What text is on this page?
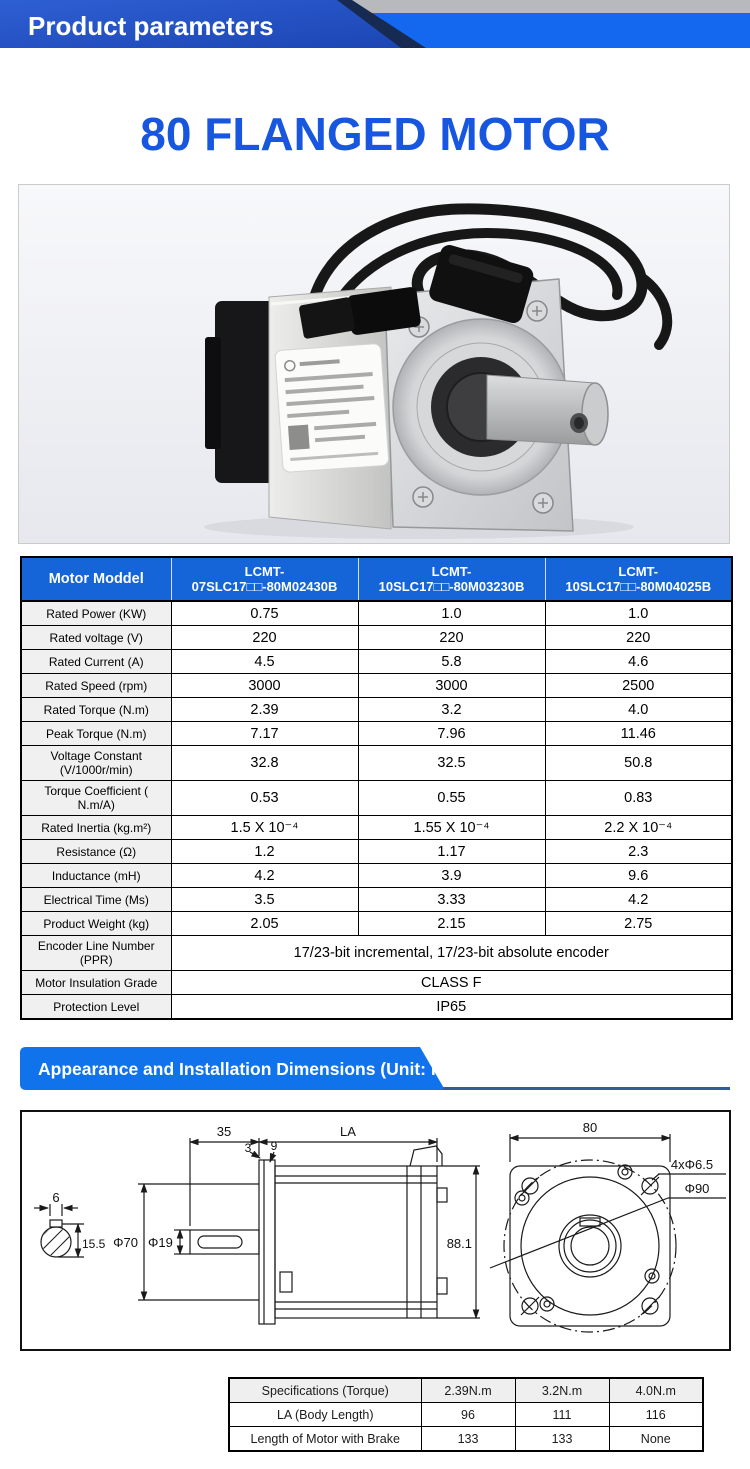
Product parameters
80 FLANGED MOTOR
Motor Moddel	LCMT-07SLC17□□-80M02430B	LCMT-10SLC17□□-80M03230B	LCMT-10SLC17□□-80M04025B
Rated Power (KW)	0.75	1.0	1.0
Rated voltage (V)	220	220	220
Rated Current (A)	4.5	5.8	4.6
Rated Speed (rpm)	3000	3000	2500
Rated Torque (N.m)	2.39	3.2	4.0
Peak Torque (N.m)	7.17	7.96	11.46
Voltage Constant (V/1000r/min)	32.8	32.5	50.8
Torque Coefficient ( N.m/A)	0.53	0.55	0.83
Rated Inertia (kg.m²)	1.5 X 10⁻⁴	1.55 X 10⁻⁴	2.2 X 10⁻⁴
Resistance (Ω)	1.2	1.17	2.3
Inductance (mH)	4.2	3.9	9.6
Electrical Time (Ms)	3.5	3.33	4.2
Product Weight (kg)	2.05	2.15	2.75
Encoder Line Number (PPR)	17/23-bit incremental, 17/23-bit absolute encoder		
Motor Insulation Grade	CLASS F		
Protection Level	IP65		
Appearance and Installation Dimensions (Unit: mm)
6
15.5 Φ70 Φ19
35	LA
3 9
88.1
80
4xΦ6.5
Φ90
Specifications (Torque)	2.39N.m	3.2N.m	4.0N.m
LA (Body Length)	96	111	116
Length of Motor with Brake	133	133	None
